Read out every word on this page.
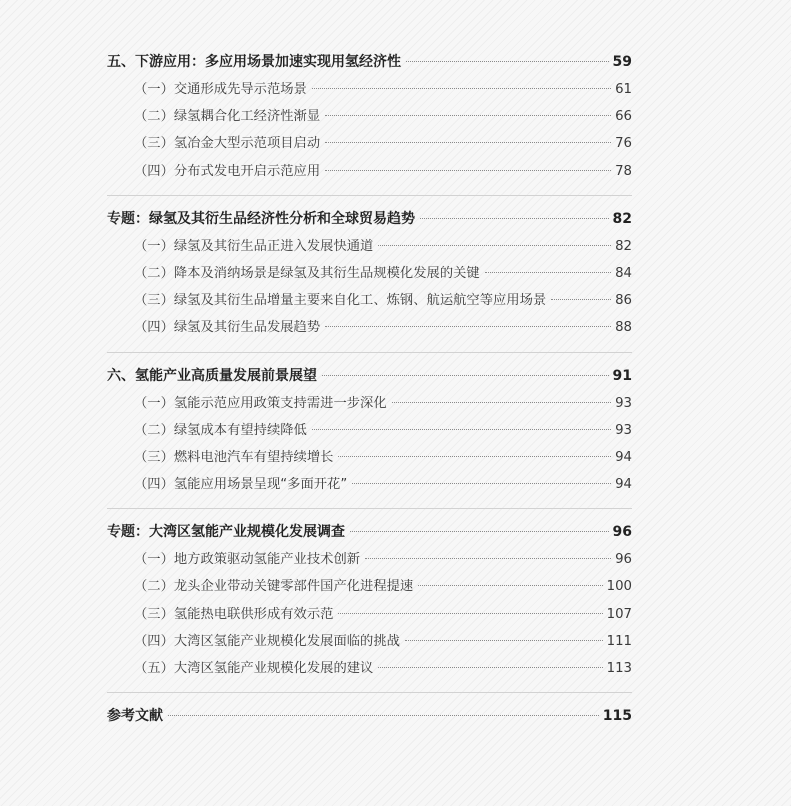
五、下游应用：多应用场景加速实现用氢经济性	59
（一）交通形成先导示范场景	61
（二）绿氢耦合化工经济性渐显	66
（三）氢冶金大型示范项目启动	76
（四）分布式发电开启示范应用	78
专题：绿氢及其衍生品经济性分析和全球贸易趋势	82
（一）绿氢及其衍生品正进入发展快通道	82
（二）降本及消纳场景是绿氢及其衍生品规模化发展的关键	84
（三）绿氢及其衍生品增量主要来自化工、炼钢、航运航空等应用场景	86
（四）绿氢及其衍生品发展趋势	88
六、氢能产业高质量发展前景展望	91
（一）氢能示范应用政策支持需进一步深化	93
（二）绿氢成本有望持续降低	93
（三）燃料电池汽车有望持续增长	94
（四）氢能应用场景呈现“多面开花”	94
专题：大湾区氢能产业规模化发展调查	96
（一）地方政策驱动氢能产业技术创新	96
（二）龙头企业带动关键零部件国产化进程提速	100
（三）氢能热电联供形成有效示范	107
（四）大湾区氢能产业规模化发展面临的挑战	111
（五）大湾区氢能产业规模化发展的建议	113
参考文献	115
